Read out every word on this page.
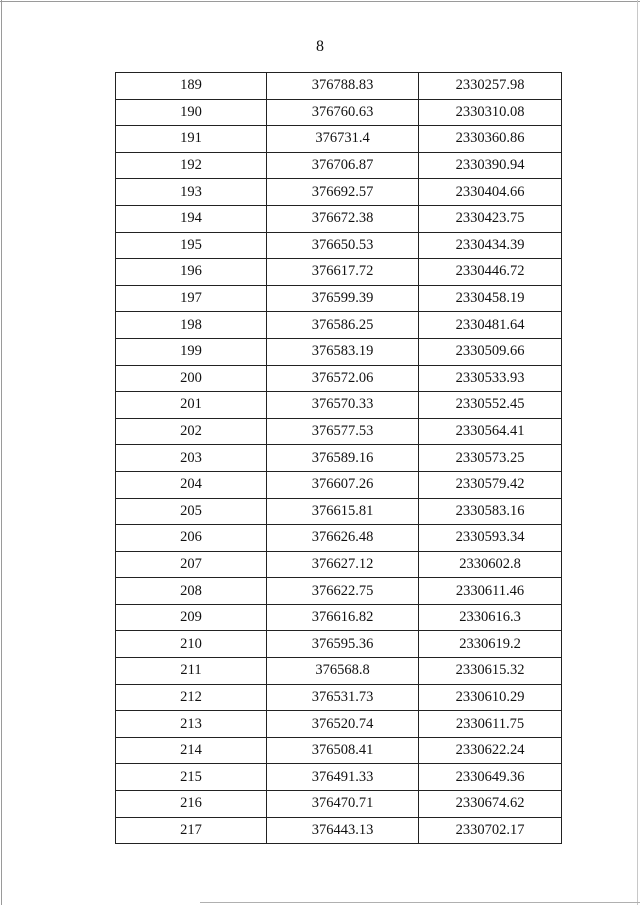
8
189	376788.83	2330257.98
190	376760.63	2330310.08
191	376731.4	2330360.86
192	376706.87	2330390.94
193	376692.57	2330404.66
194	376672.38	2330423.75
195	376650.53	2330434.39
196	376617.72	2330446.72
197	376599.39	2330458.19
198	376586.25	2330481.64
199	376583.19	2330509.66
200	376572.06	2330533.93
201	376570.33	2330552.45
202	376577.53	2330564.41
203	376589.16	2330573.25
204	376607.26	2330579.42
205	376615.81	2330583.16
206	376626.48	2330593.34
207	376627.12	2330602.8
208	376622.75	2330611.46
209	376616.82	2330616.3
210	376595.36	2330619.2
211	376568.8	2330615.32
212	376531.73	2330610.29
213	376520.74	2330611.75
214	376508.41	2330622.24
215	376491.33	2330649.36
216	376470.71	2330674.62
217	376443.13	2330702.17
